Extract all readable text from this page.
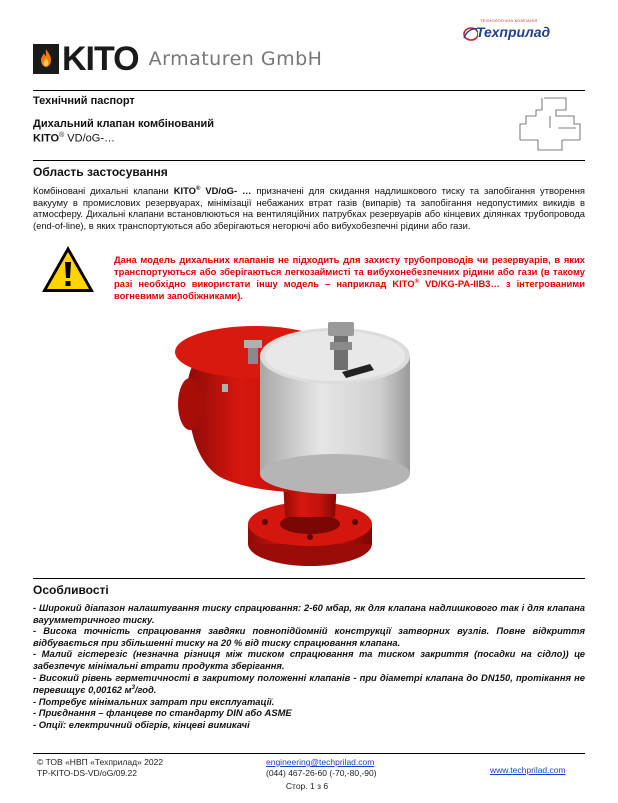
KITO Armaturen GmbH
ТЕХНОЛОГІЧНА КОМПАНІЯ
Техприлад
Технічний паспорт
Дихальний клапан комбінований
KITO® VD/oG-…
Область застосування
Комбіновані дихальні клапани KITO® VD/oG- … призначені для скидання надлишкового тиску та запобігання утворення вакууму в промислових резервуарах, мінімізації небажаних втрат газів (випарів) та запобігання недопустимих викидів в атмосферу. Дихальні клапани встановлюються на вентиляційних патрубках резервуарів або кінцевих ділянках трубопровода (end-of-line), в яких транспортуються або зберігаються негорючі або вибухобезпечні рідини або гази.
Дана модель дихальних клапанів не підходить для захисту трубопроводів чи резервуарів, в яких транспортуються або зберігаються легкозаймисті та вибухонебезпечних рідини або гази (в такому разі необхідно використати іншу модель – наприклад KITO® VD/KG-PA-IIB3… з інтегрованими вогневими запобіжниками).
Особливості
- Широкий діапазон налаштування тиску спрацювання: 2-60 мбар, як для клапана надлишкового так і для клапана вауумметричного тиску.
- Висока точність спрацювання завдяки повнопідйомній конструкції затворних вузлів. Повне відкриття відбувається при збільшенні тиску на 20 % від тиску спрацювання клапана.
- Малий гістерезіс (незначна різниця між тиском спрацювання та тиском закриття (посадки на сідло)) це забезпечує мінімальні втрати продукта зберігання.
- Високий рівень герметичності в закритому положенні клапанів - при діаметрі клапана до DN150, протікання не перевищує 0,00162 $м^3$/год.
- Потребує мінімальних затрат при експлуатації.
- Приєднання – фланцеве по стандарту DIN або ASME
- Опції: електричний обігрів, кінцеві вимикачі
© ТОВ «НВП «Техприлад» 2022
TP-KITO-DS-VD/oG/09.22
engineering@techprilad.com
(044) 467-26-60 (-70,-80,-90)
Стор. 1 з 6
www.techprilad.com
